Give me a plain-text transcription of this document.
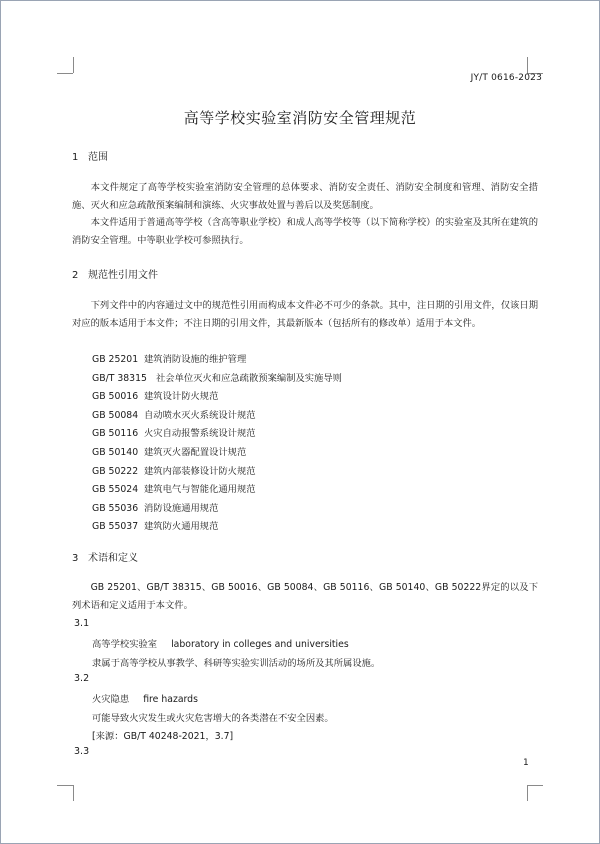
JY/T 0616-2023
高等学校实验室消防安全管理规范
1 范围

本文件规定了高等学校实验室消防安全管理的总体要求、消防安全责任、消防安全制度和管理、消防安全措施、灭火和应急疏散预案编制和演练、火灾事故处置与善后以及奖惩制度。

本文件适用于普通高等学校（含高等职业学校）和成人高等学校等（以下简称学校）的实验室及其所在建筑的消防安全管理。中等职业学校可参照执行。

2 规范性引用文件

下列文件中的内容通过文中的规范性引用而构成本文件必不可少的条款。其中，注日期的引用文件，仅该日期对应的版本适用于本文件；不注日期的引用文件，其最新版本（包括所有的修改单）适用于本文件。

GB 25201 建筑消防设施的维护管理
GB/T 38315 社会单位灭火和应急疏散预案编制及实施导则
GB 50016 建筑设计防火规范
GB 50084 自动喷水灭火系统设计规范
GB 50116 火灾自动报警系统设计规范
GB 50140 建筑灭火器配置设计规范
GB 50222 建筑内部装修设计防火规范
GB 55024 建筑电气与智能化通用规范
GB 55036 消防设施通用规范
GB 55037 建筑防火通用规范
3 术语和定义

GB 25201、GB/T 38315、GB 50016、GB 50084、GB 50116、GB 50140、GB 50222界定的以及下列术语和定义适用于本文件。

3.1
高等学校实验室 laboratory in colleges and universities
隶属于高等学校从事教学、科研等实验实训活动的场所及其所属设施。
3.2
火灾隐患 fire hazards
可能导致火灾发生或火灾危害增大的各类潜在不安全因素。
[来源：GB/T 40248-2021，3.7]
3.3
1
